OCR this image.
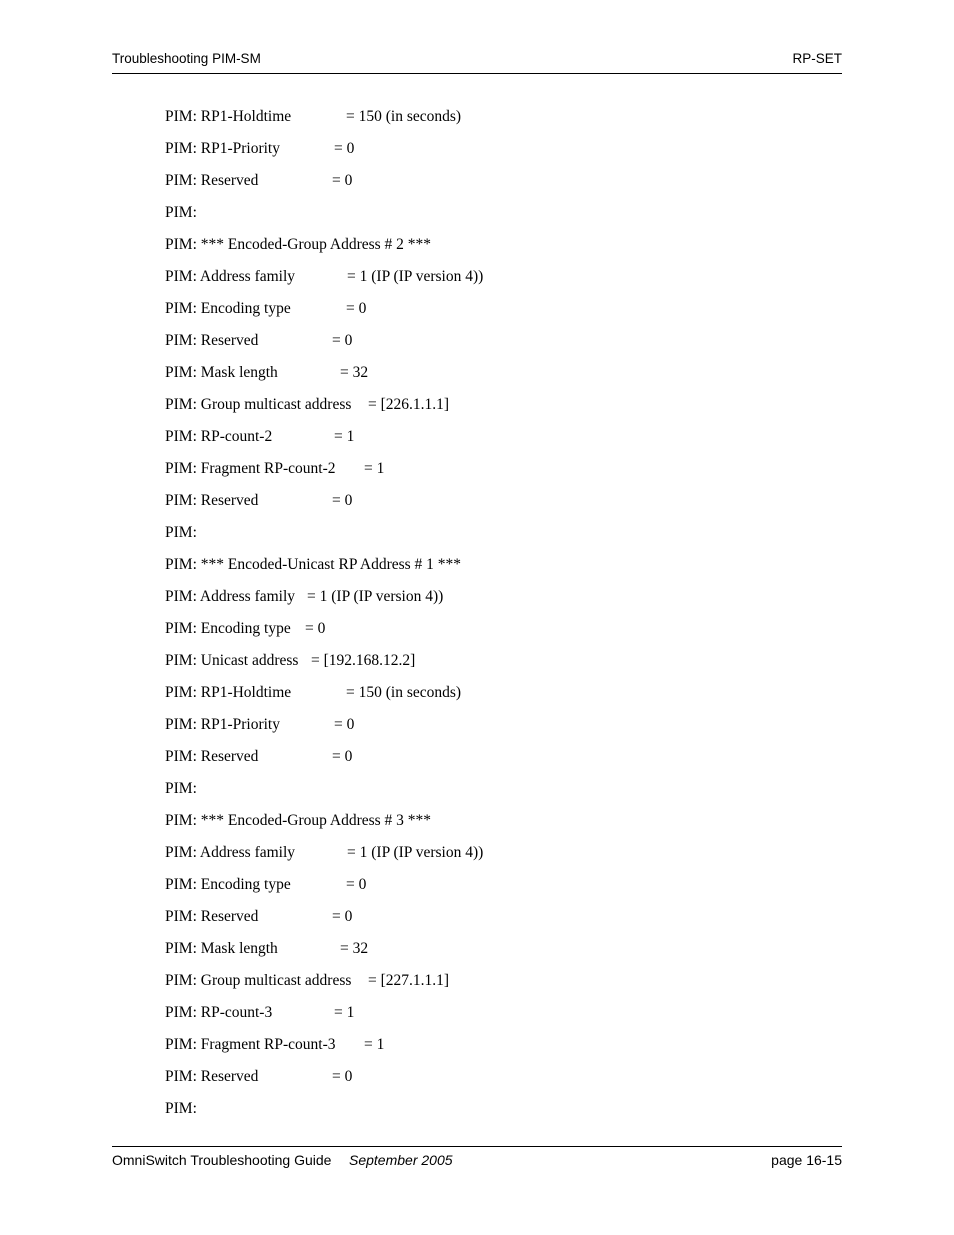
Troubleshooting PIM-SM	RP-SET
PIM: RP1-Holdtime	= 150 (in seconds)
PIM: RP1-Priority	= 0
PIM: Reserved	= 0
PIM:
PIM: *** Encoded-Group Address # 2 ***
PIM: Address family	= 1 (IP (IP version 4))
PIM: Encoding type	= 0
PIM: Reserved	= 0
PIM: Mask length	= 32
PIM: Group multicast address = [226.1.1.1]
PIM: RP-count-2	= 1
PIM: Fragment RP-count-2 = 1
PIM: Reserved	= 0
PIM:
PIM: *** Encoded-Unicast RP Address # 1 ***
PIM: Address family = 1 (IP (IP version 4))
PIM: Encoding type = 0
PIM: Unicast address = [192.168.12.2]
PIM: RP1-Holdtime	= 150 (in seconds)
PIM: RP1-Priority	= 0
PIM: Reserved	= 0
PIM:
PIM: *** Encoded-Group Address # 3 ***
PIM: Address family	= 1 (IP (IP version 4))
PIM: Encoding type	= 0
PIM: Reserved	= 0
PIM: Mask length	= 32
PIM: Group multicast address = [227.1.1.1]
PIM: RP-count-3	= 1
PIM: Fragment RP-count-3 = 1
PIM: Reserved	= 0
PIM:
OmniSwitch Troubleshooting Guide September 2005	page 16-15
